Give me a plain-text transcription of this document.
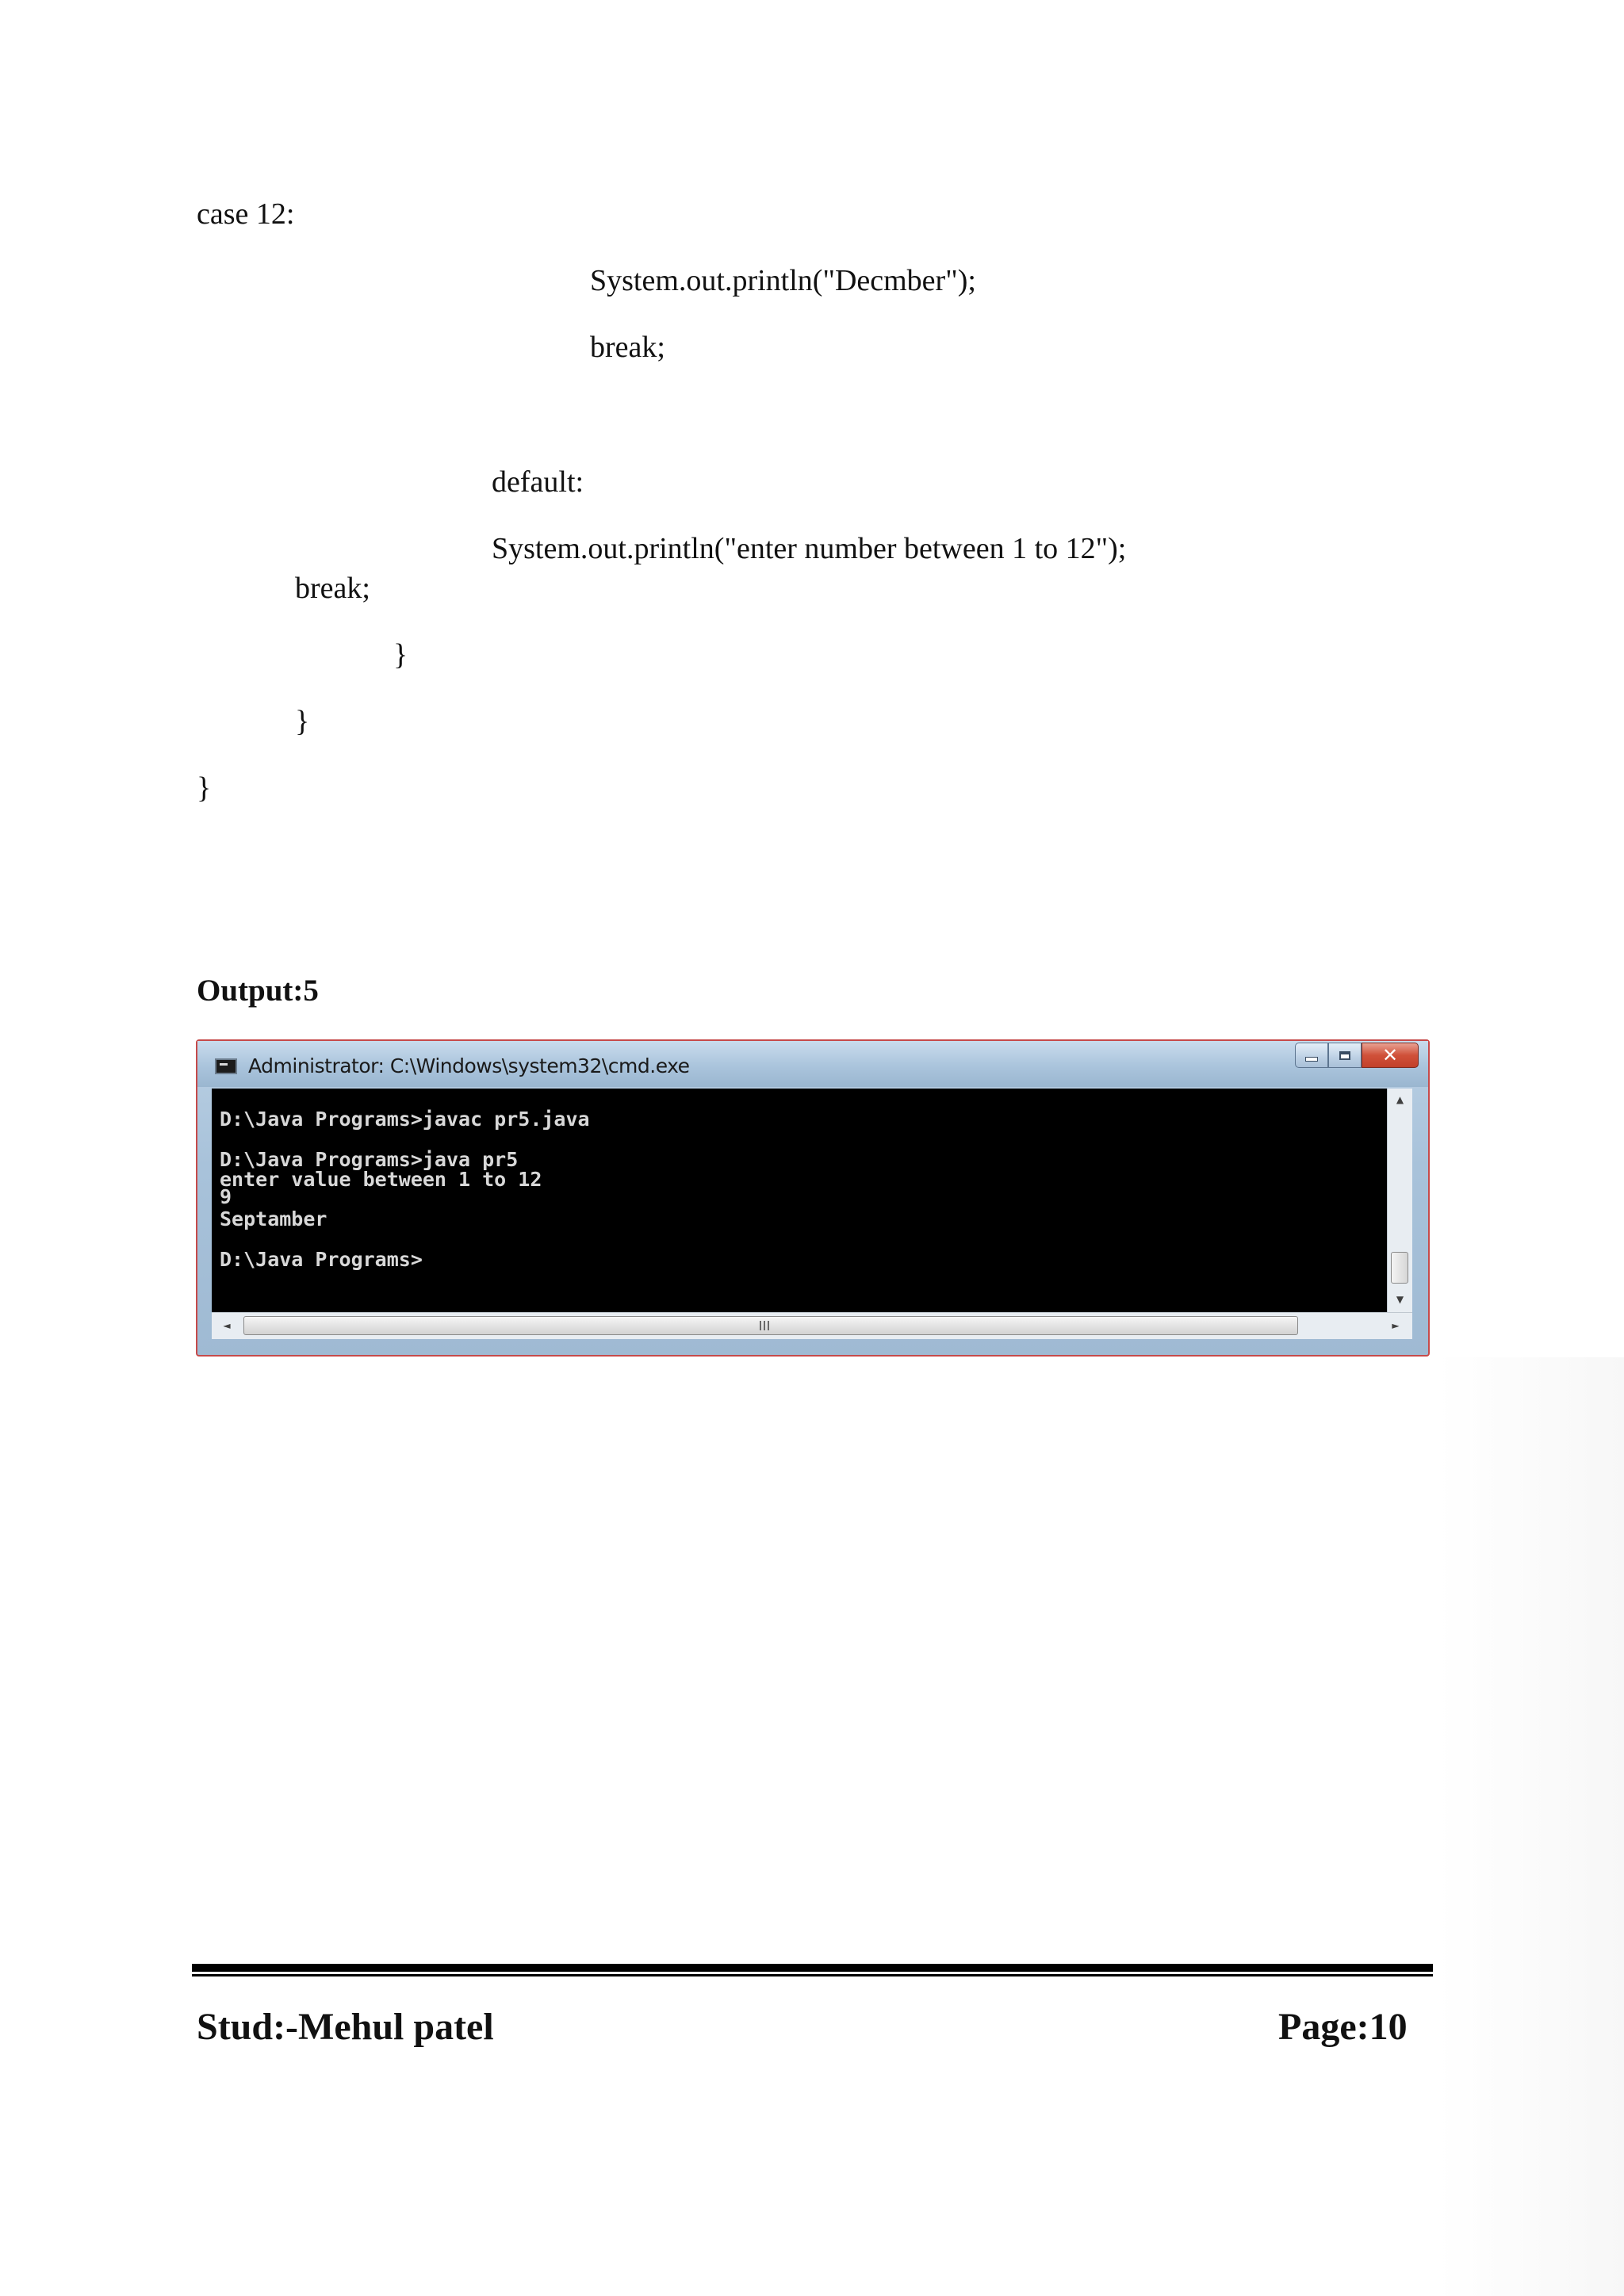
case 12:
System.out.println("Decmber");
break;
default:
System.out.println("enter number between 1 to 12");
break;
}
}
}
Output:5
Administrator: C:\Windows\system32\cmd.exe	✕
D:\Java Programs>javac pr5.java
D:\Java Programs>java pr5
enter value between 1 to 12
9
Septamber
D:\Java Programs>
▲
▼
◄	►
Stud:-Mehul patel	Page:10
